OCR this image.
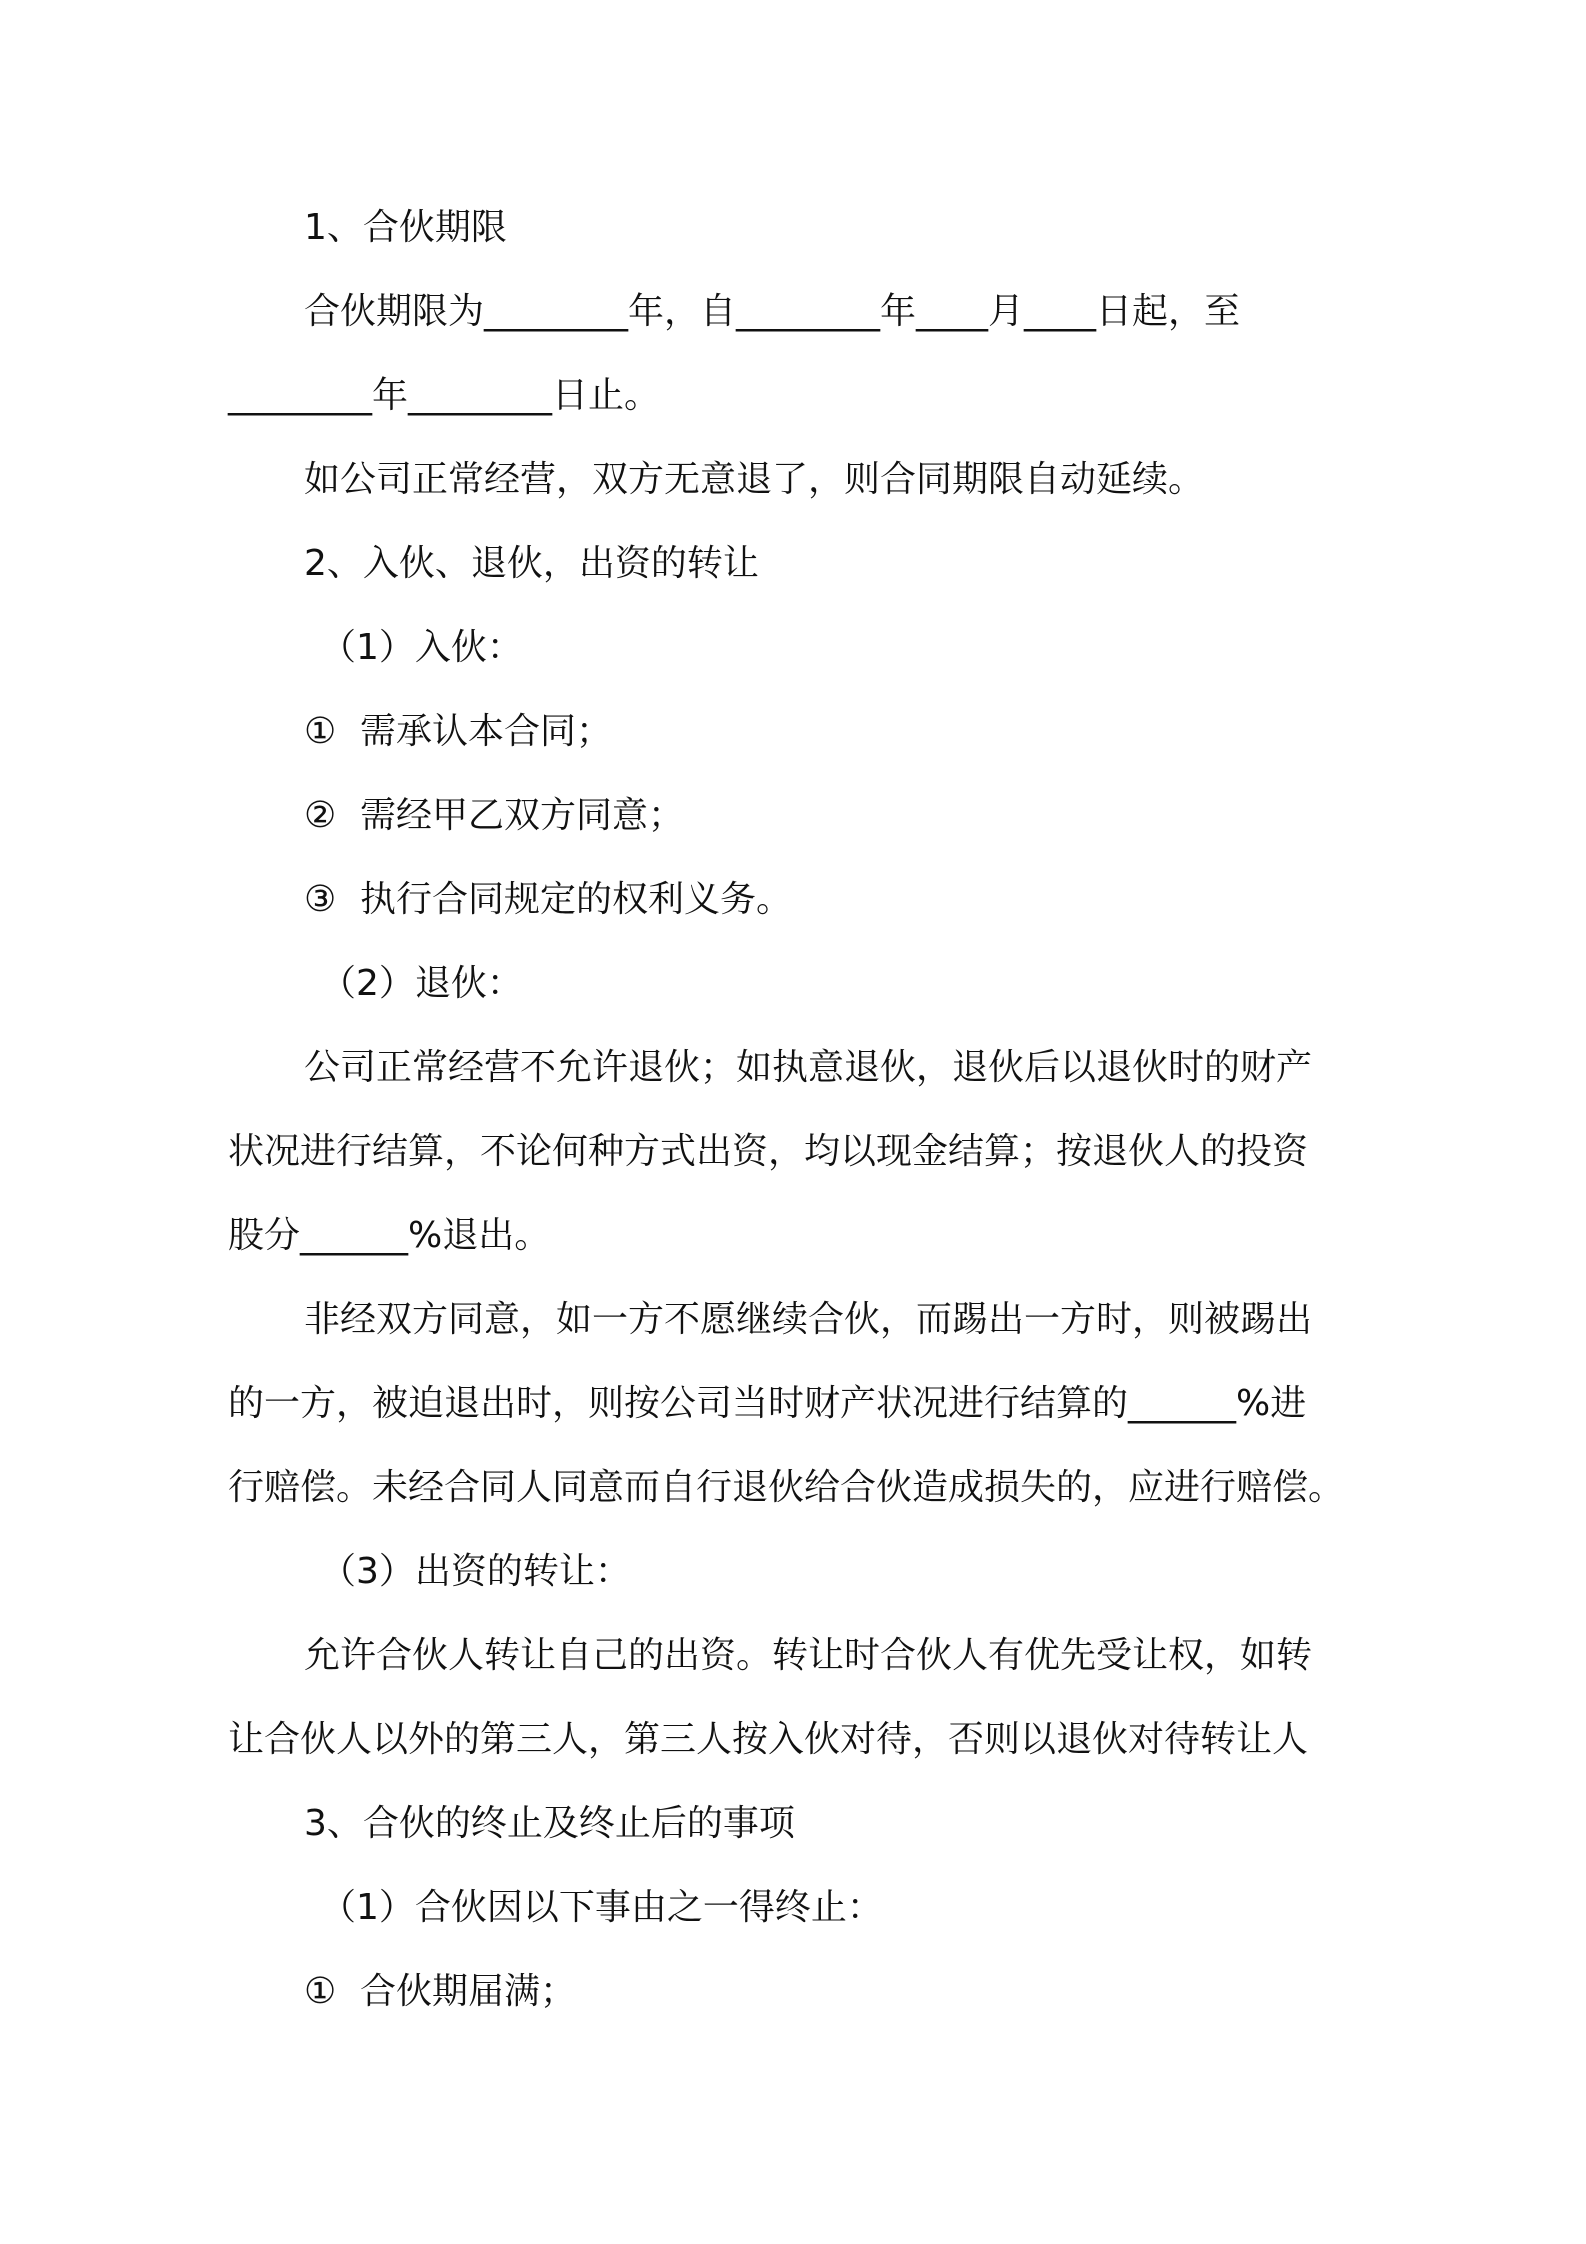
1、合伙期限

合伙期限为________年，自________年____月____日起，至

________年________日止。

如公司正常经营，双方无意退了，则合同期限自动延续。

2、入伙、退伙，出资的转让

（1）入伙：

① 需承认本合同；

② 需经甲乙双方同意；

③ 执行合同规定的权利义务。

（2）退伙：

公司正常经营不允许退伙；如执意退伙，退伙后以退伙时的财产

状况进行结算，不论何种方式出资，均以现金结算；按退伙人的投资

股分______%退出。

非经双方同意，如一方不愿继续合伙，而踢出一方时，则被踢出

的一方，被迫退出时，则按公司当时财产状况进行结算的______%进

行赔偿。未经合同人同意而自行退伙给合伙造成损失的，应进行赔偿。

（3）出资的转让：

允许合伙人转让自己的出资。转让时合伙人有优先受让权，如转

让合伙人以外的第三人，第三人按入伙对待，否则以退伙对待转让人

3、合伙的终止及终止后的事项

（1）合伙因以下事由之一得终止：

① 合伙期届满；
